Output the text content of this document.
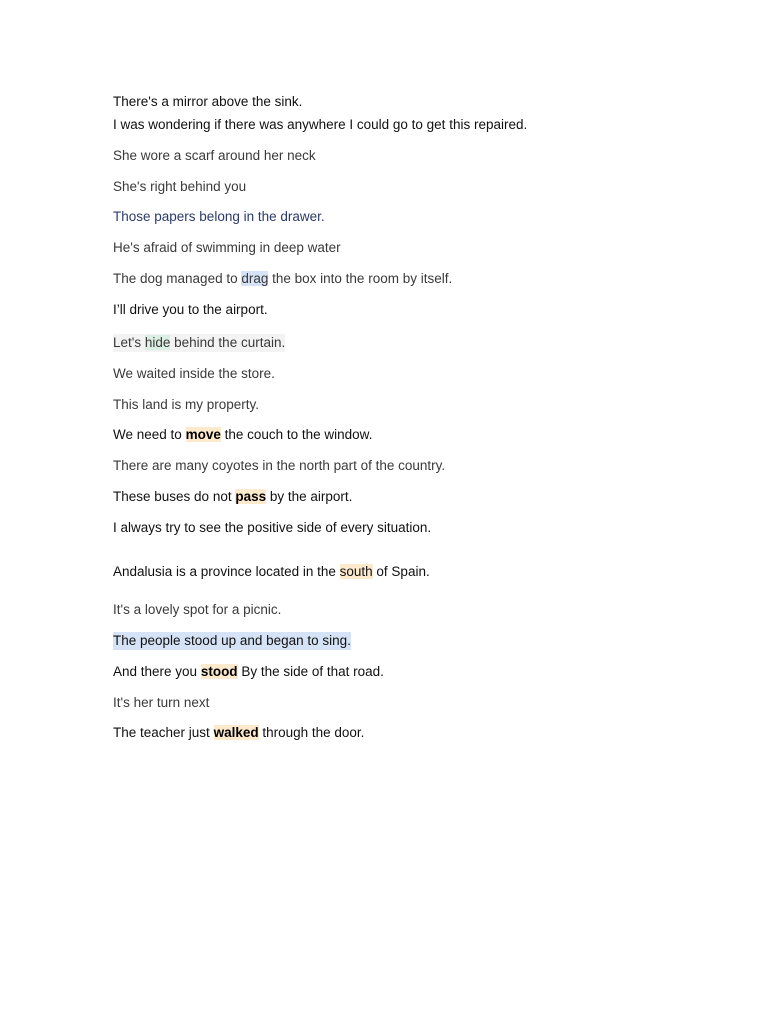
There's a mirror above the sink.
I was wondering if there was anywhere I could go to get this repaired.
She wore a scarf around her neck
She's right behind you
Those papers belong in the drawer.
He's afraid of swimming in deep water
The dog managed to drag the box into the room by itself.
I’ll drive you to the airport.
Let's hide behind the curtain.
We waited inside the store.
This land is my property.
We need to move the couch to the window.
There are many coyotes in the north part of the country.
These buses do not pass by the airport.
I always try to see the positive side of every situation.
Andalusia is a province located in the south of Spain.
It's a lovely spot for a picnic.
The people stood up and began to sing.
And there you stood By the side of that road.
It's her turn next
The teacher just walked through the door.
